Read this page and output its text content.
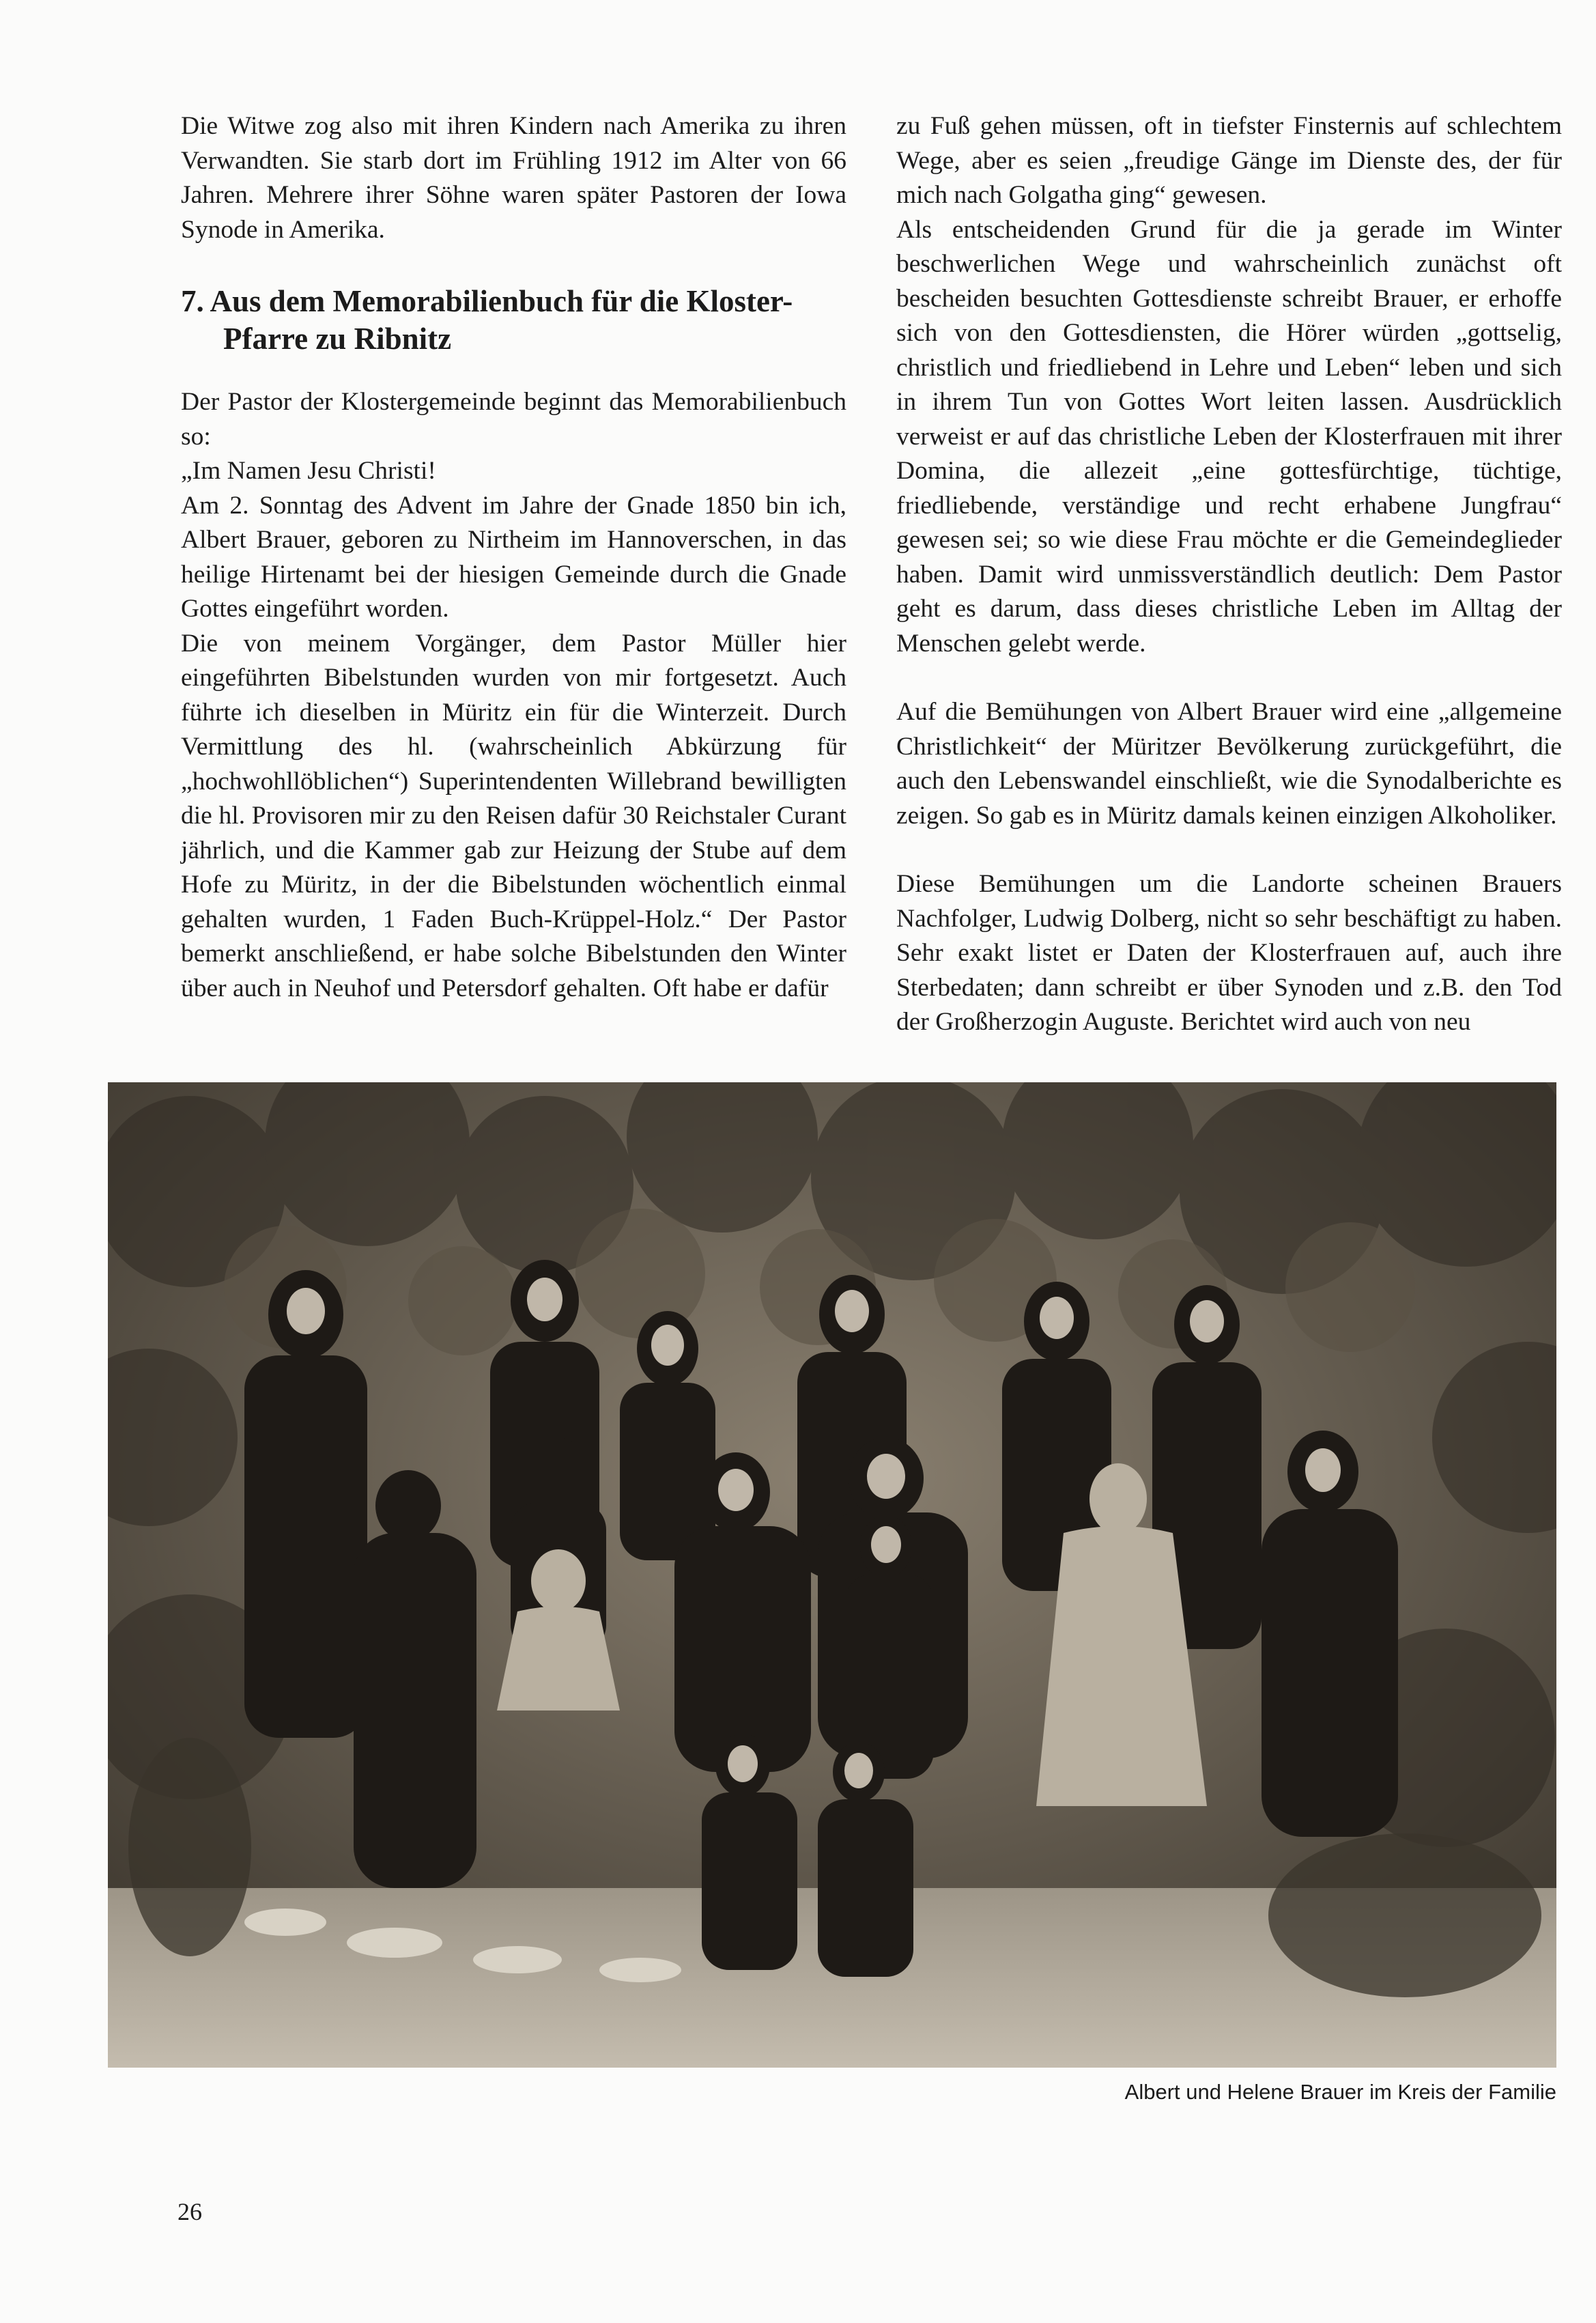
Die Witwe zog also mit ihren Kindern nach Amerika zu ihren Verwandten. Sie starb dort im Frühling 1912 im Alter von 66 Jahren. Mehrere ihrer Söhne waren später Pastoren der Iowa Synode in Amerika.

7. Aus dem Memorabilienbuch für die Kloster-Pfarre zu Ribnitz

Der Pastor der Klostergemeinde beginnt das Memorabilienbuch so:

„Im Namen Jesu Christi!

Am 2. Sonntag des Advent im Jahre der Gnade 1850 bin ich, Albert Brauer, geboren zu Nirtheim im Hannoverschen, in das heilige Hirtenamt bei der hiesigen Gemeinde durch die Gnade Gottes eingeführt worden.

Die von meinem Vorgänger, dem Pastor Müller hier eingeführten Bibelstunden wurden von mir fortgesetzt. Auch führte ich dieselben in Müritz ein für die Winterzeit. Durch Vermittlung des hl. (wahrscheinlich Abkürzung für „hochwohllöblichen“) Superintendenten Willebrand bewilligten die hl. Provisoren mir zu den Reisen dafür 30 Reichstaler Curant jährlich, und die Kammer gab zur Heizung der Stube auf dem Hofe zu Müritz, in der die Bibelstunden wöchentlich einmal gehalten wurden, 1 Faden Buch-Krüppel-Holz.“ Der Pastor bemerkt anschließend, er habe solche Bibelstunden den Winter über auch in Neuhof und Petersdorf gehalten. Oft habe er dafür

zu Fuß gehen müssen, oft in tiefster Finsternis auf schlechtem Wege, aber es seien „freudige Gänge im Dienste des, der für mich nach Golgatha ging“ gewesen.

Als entscheidenden Grund für die ja gerade im Winter beschwerlichen Wege und wahrscheinlich zunächst oft bescheiden besuchten Gottesdienste schreibt Brauer, er erhoffe sich von den Gottesdiensten, die Hörer würden „gottselig, christlich und friedliebend in Lehre und Leben“ leben und sich in ihrem Tun von Gottes Wort leiten lassen. Ausdrücklich verweist er auf das christliche Leben der Klosterfrauen mit ihrer Domina, die allezeit „eine gottesfürchtige, tüchtige, friedliebende, verständige und recht erhabene Jungfrau“ gewesen sei; so wie diese Frau möchte er die Gemeindeglieder haben. Damit wird unmissverständlich deutlich: Dem Pastor geht es darum, dass dieses christliche Leben im Alltag der Menschen gelebt werde.

Auf die Bemühungen von Albert Brauer wird eine „allgemeine Christlichkeit“ der Müritzer Bevölkerung zurückgeführt, die auch den Lebenswandel einschließt, wie die Synodalberichte es zeigen. So gab es in Müritz damals keinen einzigen Alkoholiker.

Diese Bemühungen um die Landorte scheinen Brauers Nachfolger, Ludwig Dolberg, nicht so sehr beschäftigt zu haben. Sehr exakt listet er Daten der Klosterfrauen auf, auch ihre Sterbedaten; dann schreibt er über Synoden und z.B. den Tod der Großherzogin Auguste. Berichtet wird auch von neu

Albert und Helene Brauer im Kreis der Familie
26
